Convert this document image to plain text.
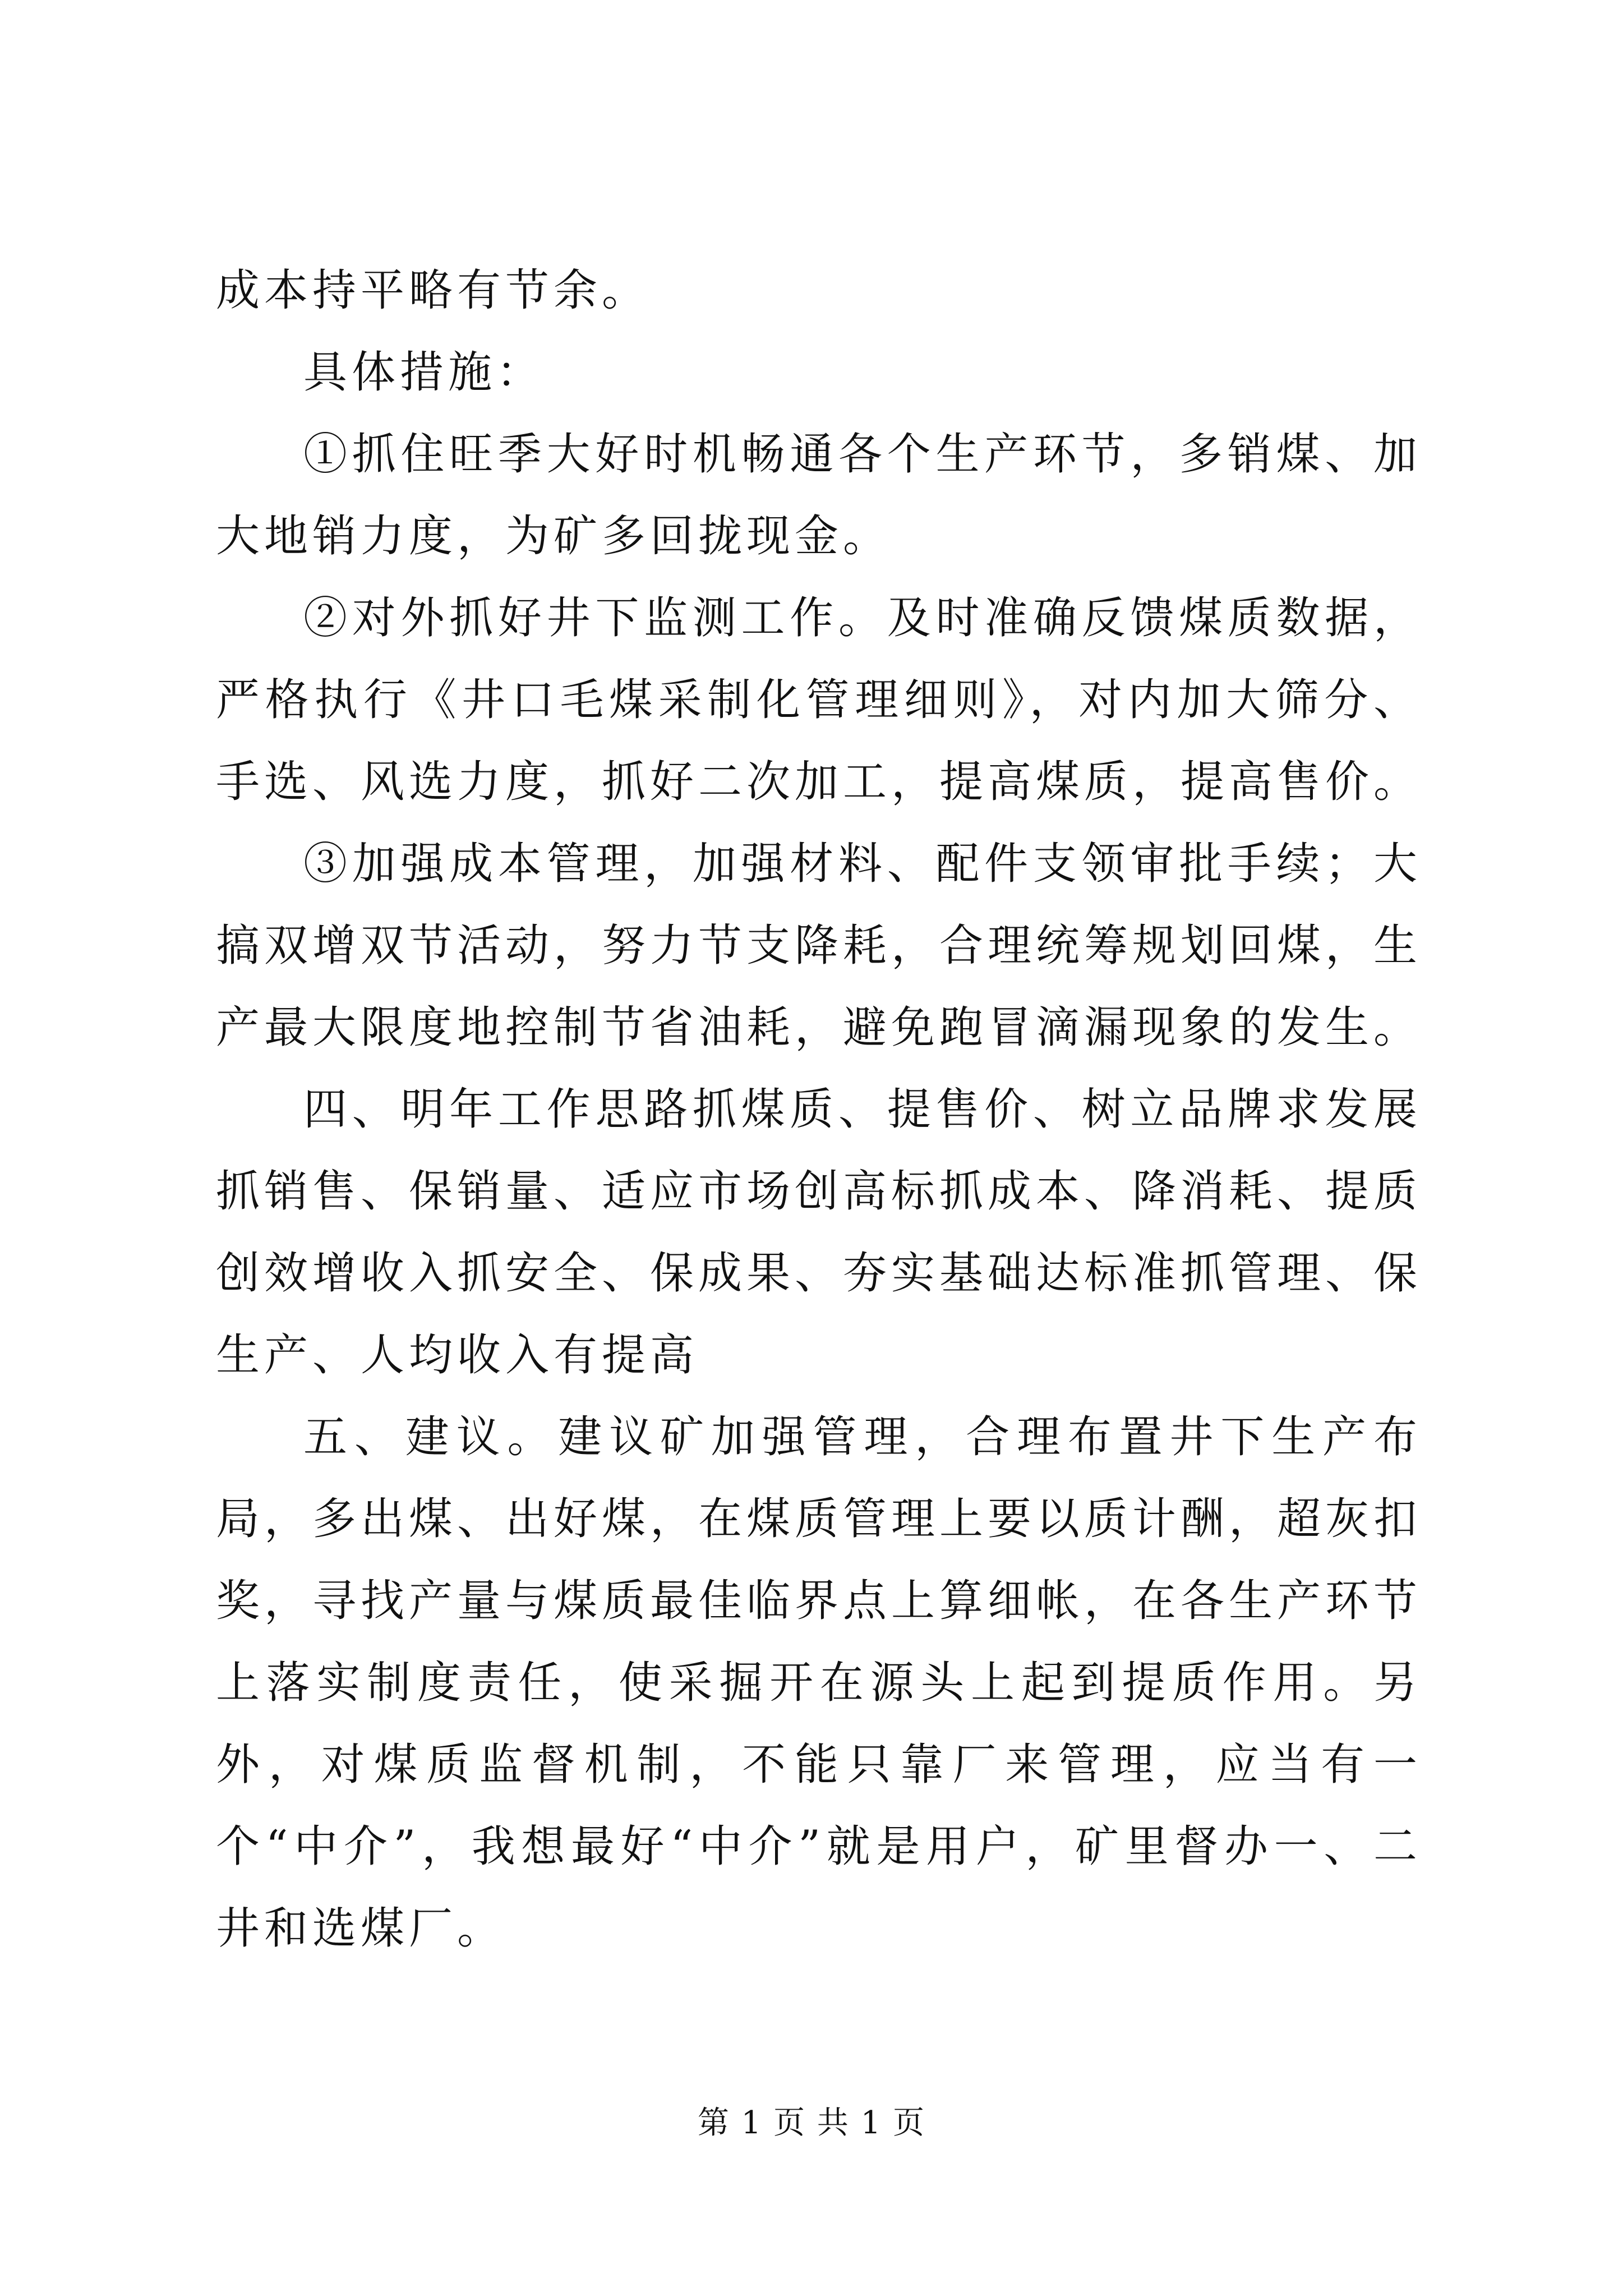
成本持平略有节余。

具体措施：

①抓住旺季大好时机畅通各个生产环节，多销煤、加大地销力度，为矿多回拢现金。

②对外抓好井下监测工作。及时准确反馈煤质数据，严格执行《井口毛煤采制化管理细则》，对内加大筛分、手选、风选力度，抓好二次加工，提高煤质，提高售价。

③加强成本管理，加强材料、配件支领审批手续；大搞双增双节活动，努力节支降耗，合理统筹规划回煤，生产最大限度地控制节省油耗，避免跑冒滴漏现象的发生。

四、明年工作思路抓煤质、提售价、树立品牌求发展抓销售、保销量、适应市场创高标抓成本、降消耗、提质创效增收入抓安全、保成果、夯实基础达标准抓管理、保生产、人均收入有提高

五、建议。建议矿加强管理，合理布置井下生产布局，多出煤、出好煤，在煤质管理上要以质计酬，超灰扣奖，寻找产量与煤质最佳临界点上算细帐，在各生产环节上落实制度责任，使采掘开在源头上起到提质作用。另外，对煤质监督机制，不能只靠厂来管理，应当有一个“中介”，我想最好“中介”就是用户，矿里督办一、二井和选煤厂。

第 1 页 共 1 页
